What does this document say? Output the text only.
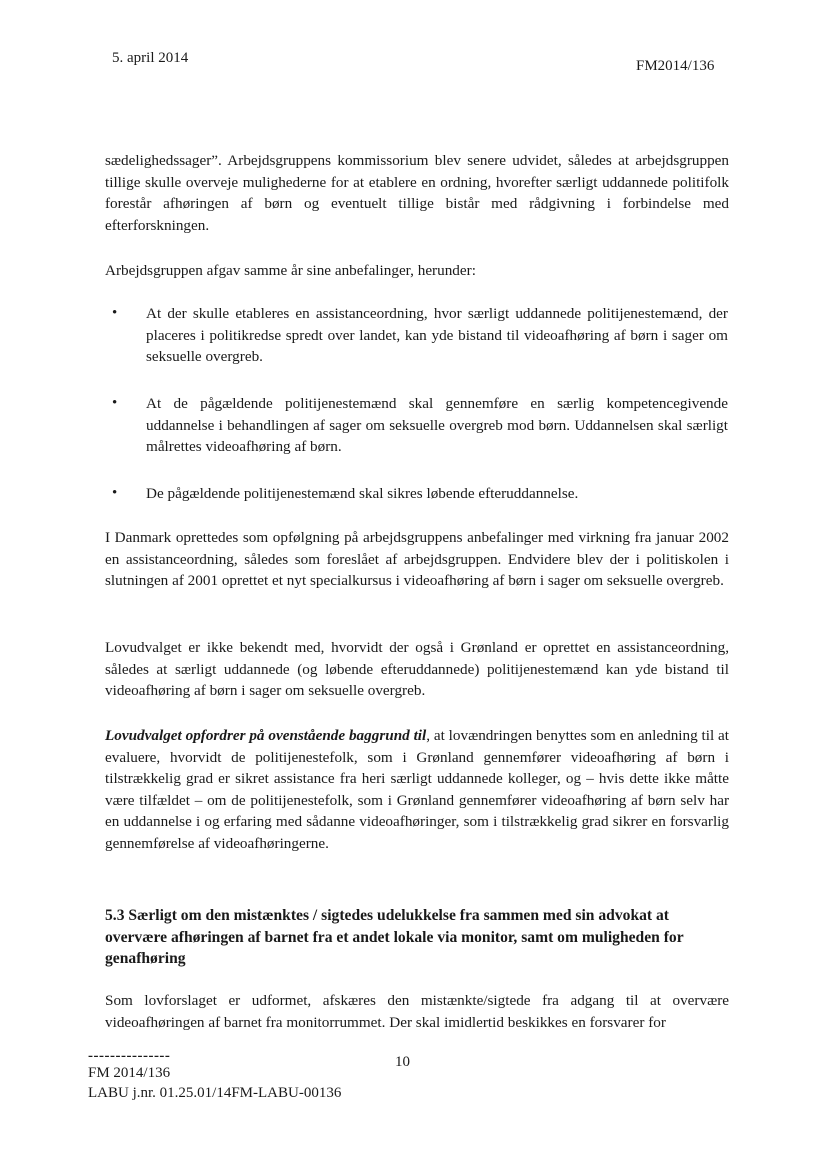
5. april 2014	FM2014/136

sædelighedssager”. Arbejdsgruppens kommissorium blev senere udvidet, således at arbejdsgruppen tillige skulle overveje mulighederne for at etablere en ordning, hvorefter særligt uddannede politifolk forestår afhøringen af børn og eventuelt tillige bistår med rådgivning i forbindelse med efterforskningen.

Arbejdsgruppen afgav samme år sine anbefalinger, herunder:

• At der skulle etableres en assistanceordning, hvor særligt uddannede politijenestemænd, der placeres i politikredse spredt over landet, kan yde bistand til videoafhøring af børn i sager om seksuelle overgreb.
• At de pågældende politijenestemænd skal gennemføre en særlig kompetencegivende uddannelse i behandlingen af sager om seksuelle overgreb mod børn. Uddannelsen skal særligt målrettes videoafhøring af børn.
• De pågældende politijenestemænd skal sikres løbende efteruddannelse.

I Danmark oprettedes som opfølgning på arbejdsgruppens anbefalinger med virkning fra januar 2002 en assistanceordning, således som foreslået af arbejdsgruppen. Endvidere blev der i politiskolen i slutningen af 2001 oprettet et nyt specialkursus i videoafhøring af børn i sager om seksuelle overgreb.

Lovudvalget er ikke bekendt med, hvorvidt der også i Grønland er oprettet en assistanceordning, således at særligt uddannede (og løbende efteruddannede) politijenestemænd kan yde bistand til videoafhøring af børn i sager om seksuelle overgreb.

Lovudvalget opfordrer på ovenstående baggrund til, at lovændringen benyttes som en anledning til at evaluere, hvorvidt de politijenestefolk, som i Grønland gennemfører videoafhøring af børn i tilstrækkelig grad er sikret assistance fra heri særligt uddannede kolleger, og – hvis dette ikke måtte være tilfældet – om de politijenestefolk, som i Grønland gennemfører videoafhøring af børn selv har en uddannelse i og erfaring med sådanne videoafhøringer, som i tilstrækkelig grad sikrer en forsvarlig gennemførelse af videoafhøringerne.

5.3 Særligt om den mistænktes / sigtedes udelukkelse fra sammen med sin advokat at overvære afhøringen af barnet fra et andet lokale via monitor, samt om muligheden for genafhøring

Som lovforslaget er udformet, afskæres den mistænkte/sigtede fra adgang til at overvære videoafhøringen af barnet fra monitorrummet. Der skal imidlertid beskikkes en forsvarer for

---------------	10
FM 2014/136
LABU j.nr. 01.25.01/14FM-LABU-00136
